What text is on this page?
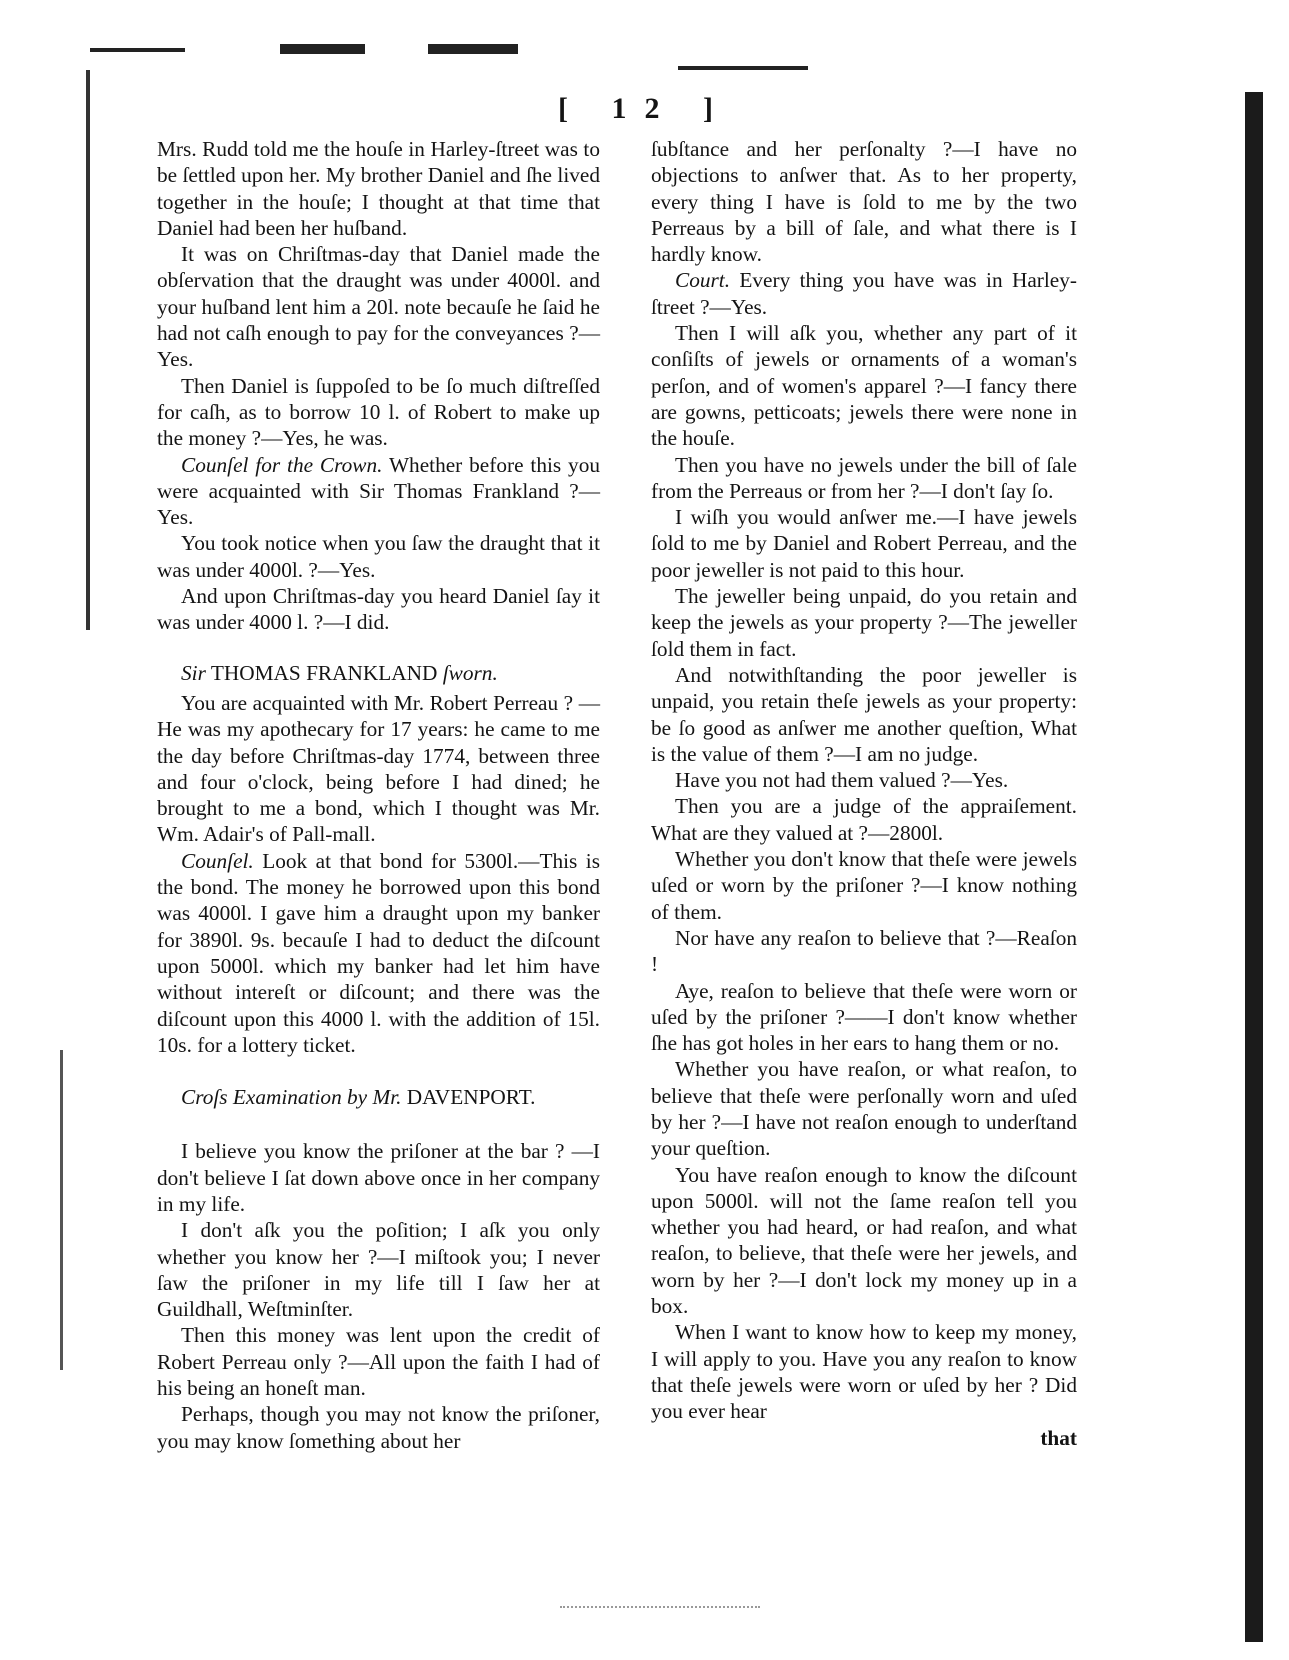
[ 12 ]

Mrs. Rudd told me the houſe in Harley-ſtreet was to be ſettled upon her. My brother Daniel and ſhe lived together in the houſe; I thought at that time that Daniel had been her huſband.

It was on Chriſtmas-day that Daniel made the obſervation that the draught was under 4000l. and your huſband lent him a 20l. note becauſe he ſaid he had not caſh enough to pay for the conveyances ?—Yes.

Then Daniel is ſuppoſed to be ſo much diſtreſſed for caſh, as to borrow 10 l. of Robert to make up the money ?—Yes, he was.

Counſel for the Crown. Whether before this you were acquainted with Sir Thomas Frankland ?—Yes.

You took notice when you ſaw the draught that it was under 4000l. ?—Yes.

And upon Chriſtmas-day you heard Daniel ſay it was under 4000 l. ?—I did.

Sir THOMAS FRANKLAND ſworn.

You are acquainted with Mr. Robert Perreau ? —He was my apothecary for 17 years: he came to me the day before Chriſtmas-day 1774, between three and four o'clock, being before I had dined; he brought to me a bond, which I thought was Mr. Wm. Adair's of Pall-mall.

Counſel. Look at that bond for 5300l.—This is the bond. The money he borrowed upon this bond was 4000l. I gave him a draught upon my banker for 3890l. 9s. becauſe I had to deduct the diſcount upon 5000l. which my banker had let him have without intereſt or diſcount; and there was the diſcount upon this 4000 l. with the addition of 15l. 10s. for a lottery ticket.

Croſs Examination by Mr. DAVENPORT.

I believe you know the priſoner at the bar ? —I don't believe I ſat down above once in her company in my life.

I don't aſk you the poſition; I aſk you only whether you know her ?—I miſtook you; I never ſaw the priſoner in my life till I ſaw her at Guildhall, Weſtminſter.

Then this money was lent upon the credit of Robert Perreau only ?—All upon the faith I had of his being an honeſt man.

Perhaps, though you may not know the priſoner, you may know ſomething about her

ſubſtance and her perſonalty ?—I have no objections to anſwer that. As to her property, every thing I have is ſold to me by the two Perreaus by a bill of ſale, and what there is I hardly know.

Court. Every thing you have was in Harley-ſtreet ?—Yes.

Then I will aſk you, whether any part of it conſiſts of jewels or ornaments of a woman's perſon, and of women's apparel ?—I fancy there are gowns, petticoats; jewels there were none in the houſe.

Then you have no jewels under the bill of ſale from the Perreaus or from her ?—I don't ſay ſo.

I wiſh you would anſwer me.—I have jewels ſold to me by Daniel and Robert Perreau, and the poor jeweller is not paid to this hour.

The jeweller being unpaid, do you retain and keep the jewels as your property ?—The jeweller ſold them in fact.

And notwithſtanding the poor jeweller is unpaid, you retain theſe jewels as your property: be ſo good as anſwer me another queſtion, What is the value of them ?—I am no judge.

Have you not had them valued ?—Yes.

Then you are a judge of the appraiſement. What are they valued at ?—2800l.

Whether you don't know that theſe were jewels uſed or worn by the priſoner ?—I know nothing of them.

Nor have any reaſon to believe that ?—Reaſon !

Aye, reaſon to believe that theſe were worn or uſed by the priſoner ?——I don't know whether ſhe has got holes in her ears to hang them or no.

Whether you have reaſon, or what reaſon, to believe that theſe were perſonally worn and uſed by her ?—I have not reaſon enough to underſtand your queſtion.

You have reaſon enough to know the diſcount upon 5000l. will not the ſame reaſon tell you whether you had heard, or had reaſon, and what reaſon, to believe, that theſe were her jewels, and worn by her ?—I don't lock my money up in a box.

When I want to know how to keep my money, I will apply to you. Have you any reaſon to know that theſe jewels were worn or uſed by her ? Did you ever hear

that
